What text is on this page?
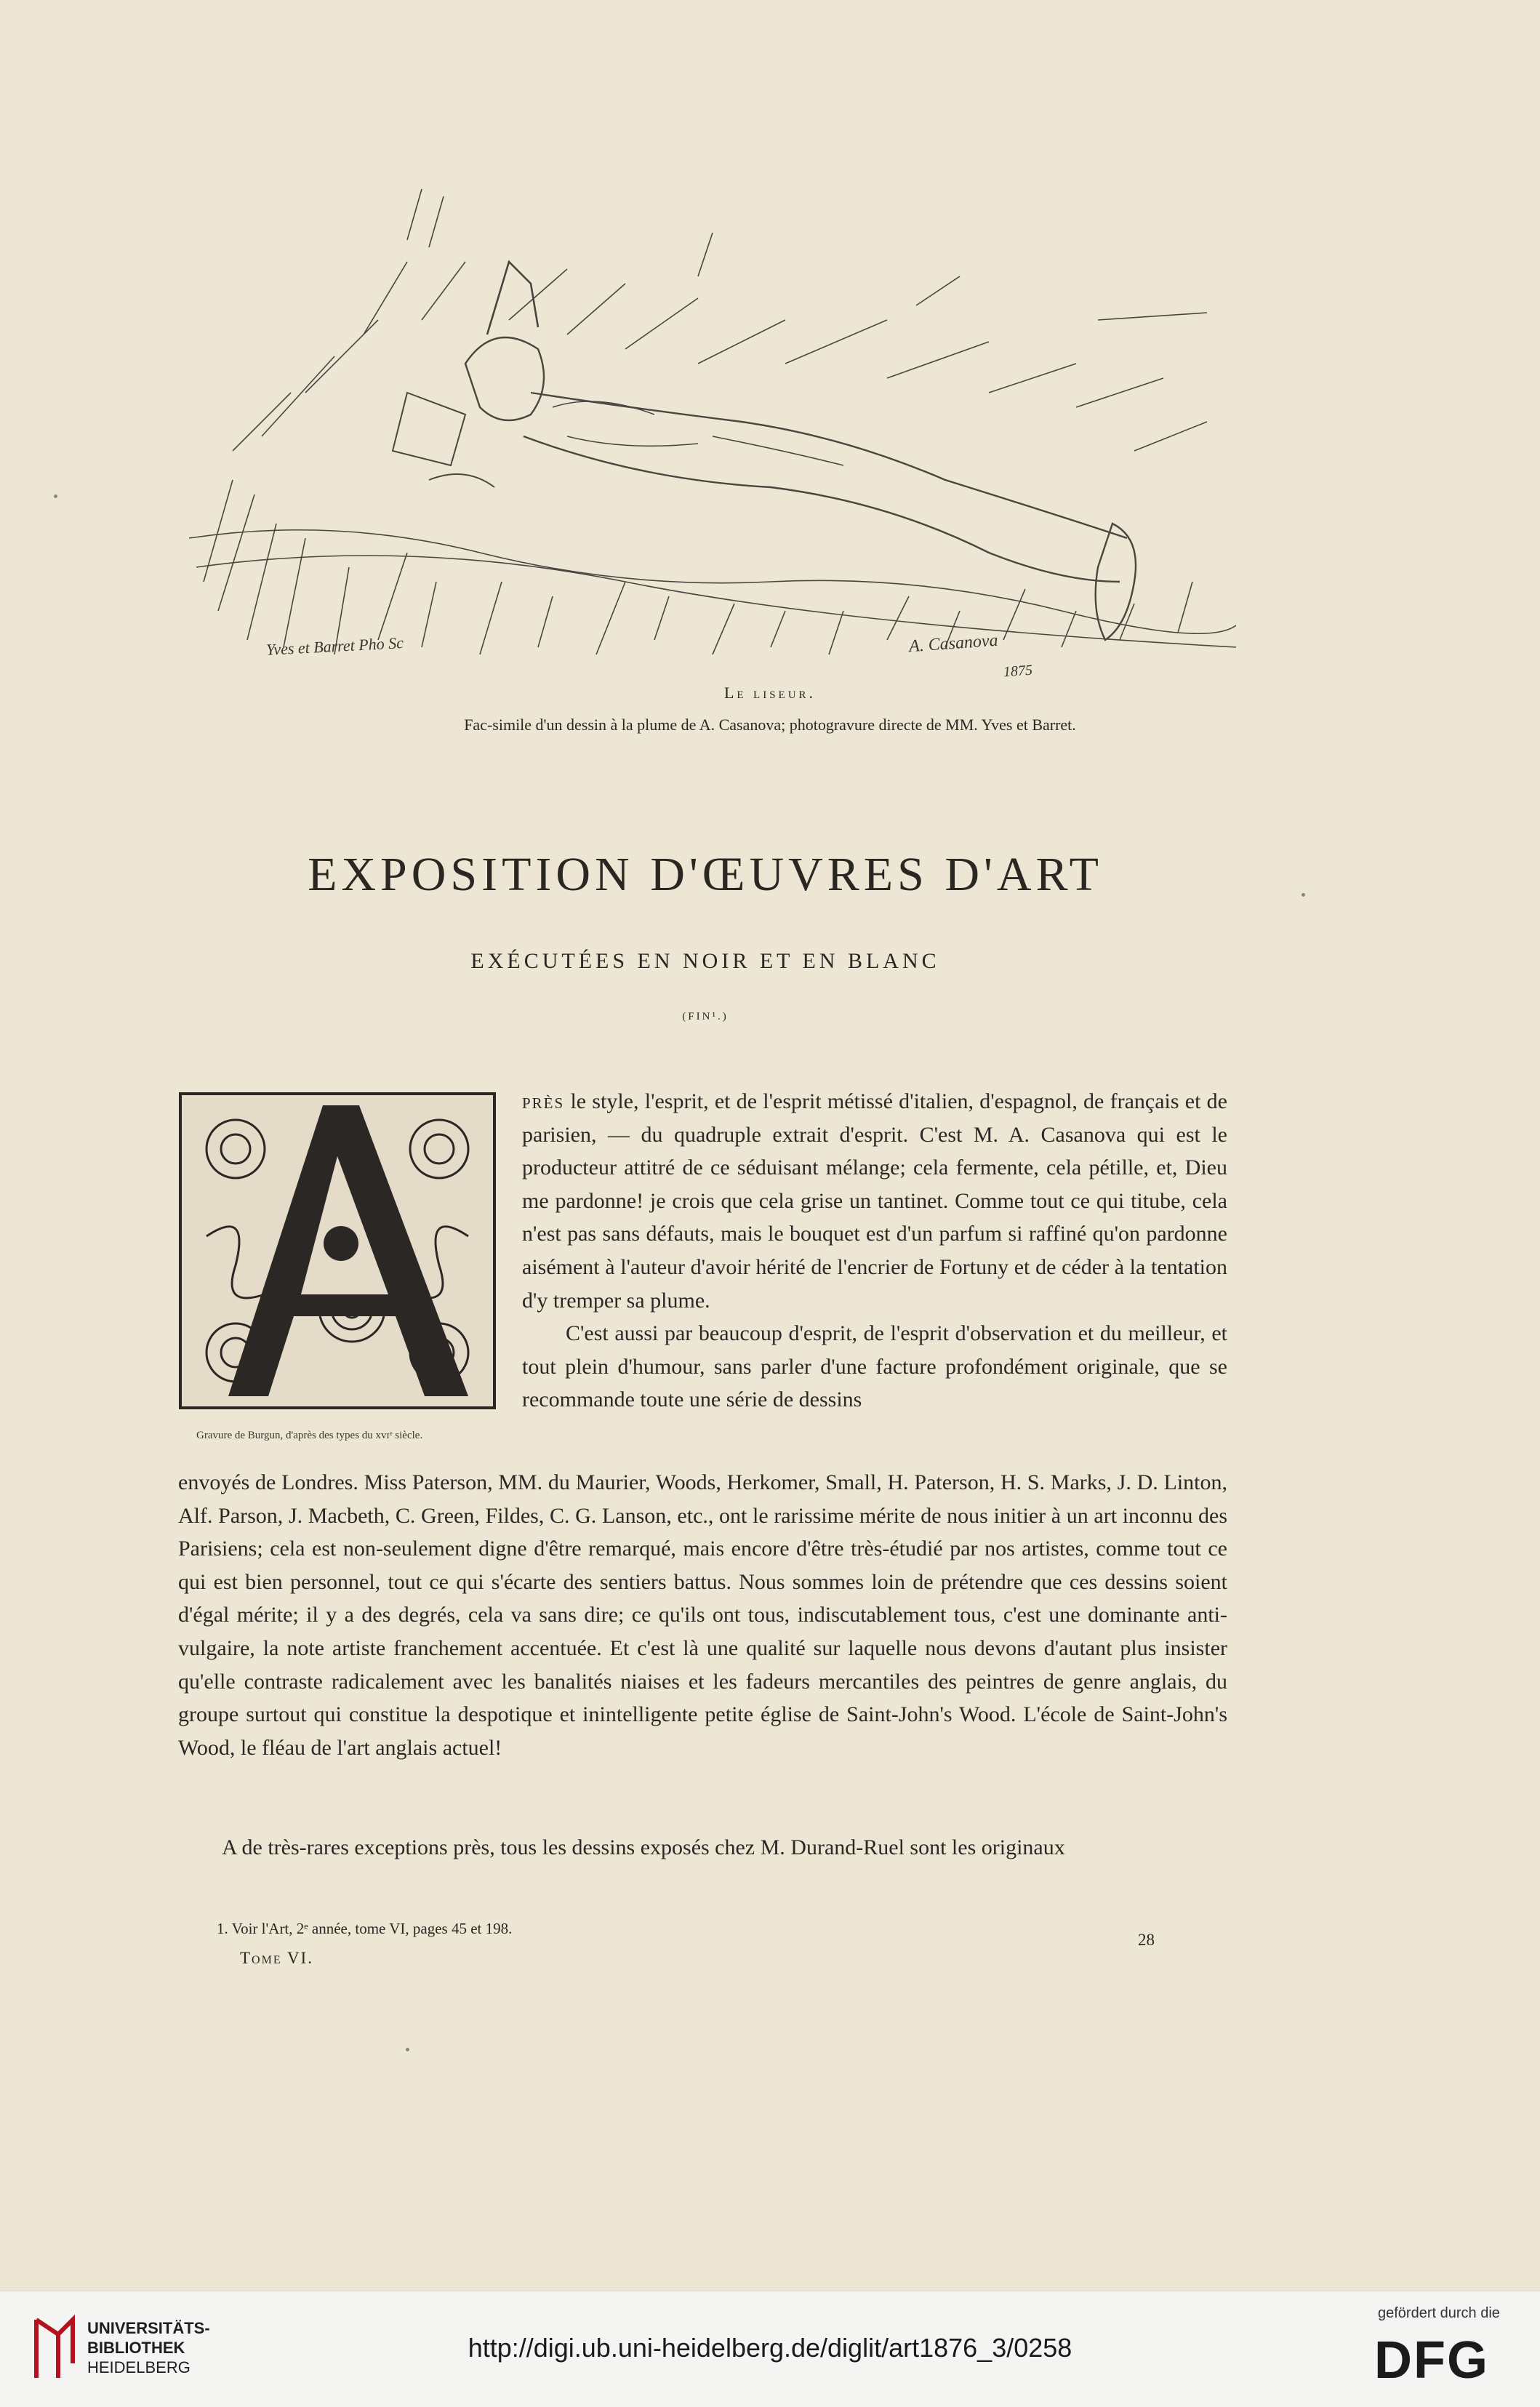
Yves et Barret Pho Sc	A. Casanova
1875
Le liseur.
Fac-simile d'un dessin à la plume de A. Casanova; photogravure directe de MM. Yves et Barret.
EXPOSITION D'ŒUVRES D'ART
EXÉCUTÉES EN NOIR ET EN BLANC
(FIN¹.)
Gravure de Burgun, d'après des types du xvɪᵉ siècle.

près le style, l'esprit, et de l'esprit métissé d'italien, d'espagnol, de français et de parisien, — du quadruple extrait d'esprit. C'est M. A. Casanova qui est le producteur attitré de ce séduisant mélange; cela fermente, cela pétille, et, Dieu me pardonne! je crois que cela grise un tantinet. Comme tout ce qui titube, cela n'est pas sans défauts, mais le bouquet est d'un parfum si raffiné qu'on pardonne aisément à l'auteur d'avoir hérité de l'encrier de Fortuny et de céder à la tentation d'y tremper sa plume.

C'est aussi par beaucoup d'esprit, de l'esprit d'observation et du meilleur, et tout plein d'humour, sans parler d'une facture profondément originale, que se recommande toute une série de dessins

envoyés de Londres. Miss Paterson, MM. du Maurier, Woods, Herkomer, Small, H. Paterson, H. S. Marks, J. D. Linton, Alf. Parson, J. Macbeth, C. Green, Fildes, C. G. Lanson, etc., ont le rarissime mérite de nous initier à un art inconnu des Parisiens; cela est non-seulement digne d'être remarqué, mais encore d'être très-étudié par nos artistes, comme tout ce qui est bien personnel, tout ce qui s'écarte des sentiers battus. Nous sommes loin de prétendre que ces dessins soient d'égal mérite; il y a des degrés, cela va sans dire; ce qu'ils ont tous, indiscutablement tous, c'est une dominante anti-vulgaire, la note artiste franchement accentuée. Et c'est là une qualité sur laquelle nous devons d'autant plus insister qu'elle contraste radicalement avec les banalités niaises et les fadeurs mercantiles des peintres de genre anglais, du groupe surtout qui constitue la despotique et inintelligente petite église de Saint-John's Wood. L'école de Saint-John's Wood, le fléau de l'art anglais actuel!

A de très-rares exceptions près, tous les dessins exposés chez M. Durand-Ruel sont les originaux

1. Voir l'Art, 2ᵉ année, tome VI, pages 45 et 198.
Tome VI.
28
UNIVERSITÄTS-
BIBLIOTHEK
HEIDELBERG
http://digi.ub.uni-heidelberg.de/diglit/art1876_3/0258
gefördert durch die
DFG
